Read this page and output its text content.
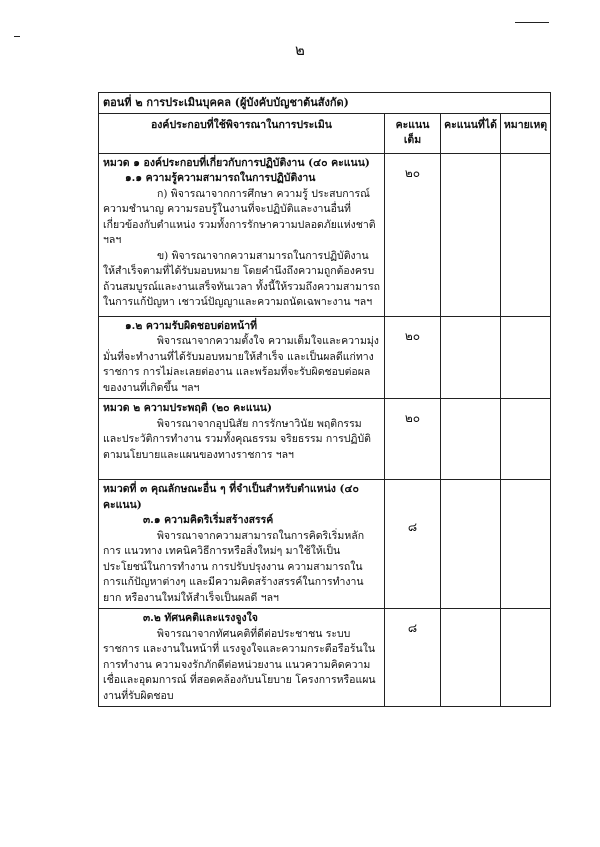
๒
ตอนที่ ๒ การประเมินบุคคล (ผู้บังคับบัญชาต้นสังกัด)			
องค์ประกอบที่ใช้พิจารณาในการประเมิน	คะแนนเต็ม	คะแนนที่ได้	หมายเหตุ

หมวด ๑ องค์ประกอบที่เกี่ยวกับการปฏิบัติงาน (๔๐ คะแนน)
๑.๑ ความรู้ความสามารถในการปฏิบัติงาน
ก) พิจารณาจากการศึกษา ความรู้ ประสบการณ์ ความชำนาญ ความรอบรู้ในงานที่จะปฏิบัติและงานอื่นที่เกี่ยวข้องกับตำแหน่ง รวมทั้งการรักษาความปลอดภัยแห่งชาติ ฯลฯ
ข) พิจารณาจากความสามารถในการปฏิบัติงานให้สำเร็จตามที่ได้รับมอบหมาย โดยคำนึงถึงความถูกต้องครบถ้วนสมบูรณ์และงานเสร็จทันเวลา ทั้งนี้ให้รวมถึงความสามารถในการแก้ปัญหา เชาวน์ปัญญาและความถนัดเฉพาะงาน ฯลฯ	๒๐		

๑.๒ ความรับผิดชอบต่อหน้าที่
พิจารณาจากความตั้งใจ ความเต็มใจและความมุ่งมั่นที่จะทำงานที่ได้รับมอบหมายให้สำเร็จ และเป็นผลดีแก่ทางราชการ การไม่ละเลยต่องาน และพร้อมที่จะรับผิดชอบต่อผลของงานที่เกิดขึ้น ฯลฯ	๒๐		

หมวด ๒ ความประพฤติ (๒๐ คะแนน)
พิจารณาจากอุปนิสัย การรักษาวินัย พฤติกรรมและประวัติการทำงาน รวมทั้งคุณธรรม จริยธรรม การปฏิบัติตามนโยบายและแผนของทางราชการ ฯลฯ	๒๐		

หมวดที่ ๓ คุณลักษณะอื่น ๆ ที่จำเป็นสำหรับตำแหน่ง (๔๐ คะแนน)
๓.๑ ความคิดริเริ่มสร้างสรรค์
พิจารณาจากความสามารถในการคิดริเริ่มหลักการ แนวทาง เทคนิควิธีการหรือสิ่งใหม่ๆ มาใช้ให้เป็นประโยชน์ในการทำงาน การปรับปรุงงาน ความสามารถในการแก้ปัญหาต่างๆ และมีความคิดสร้างสรรค์ในการทำงานยาก หรืองานใหม่ให้สำเร็จเป็นผลดี ฯลฯ	๘		

๓.๒ ทัศนคติและแรงจูงใจ
พิจารณาจากทัศนคติที่ดีต่อประชาชน ระบบราชการ และงานในหน้าที่ แรงจูงใจและความกระตือรือร้นในการทำงาน ความจงรักภักดีต่อหน่วยงาน แนวความคิดความเชื่อและอุดมการณ์ ที่สอดคล้องกับนโยบาย โครงการหรือแผนงานที่รับผิดชอบ	๘		
